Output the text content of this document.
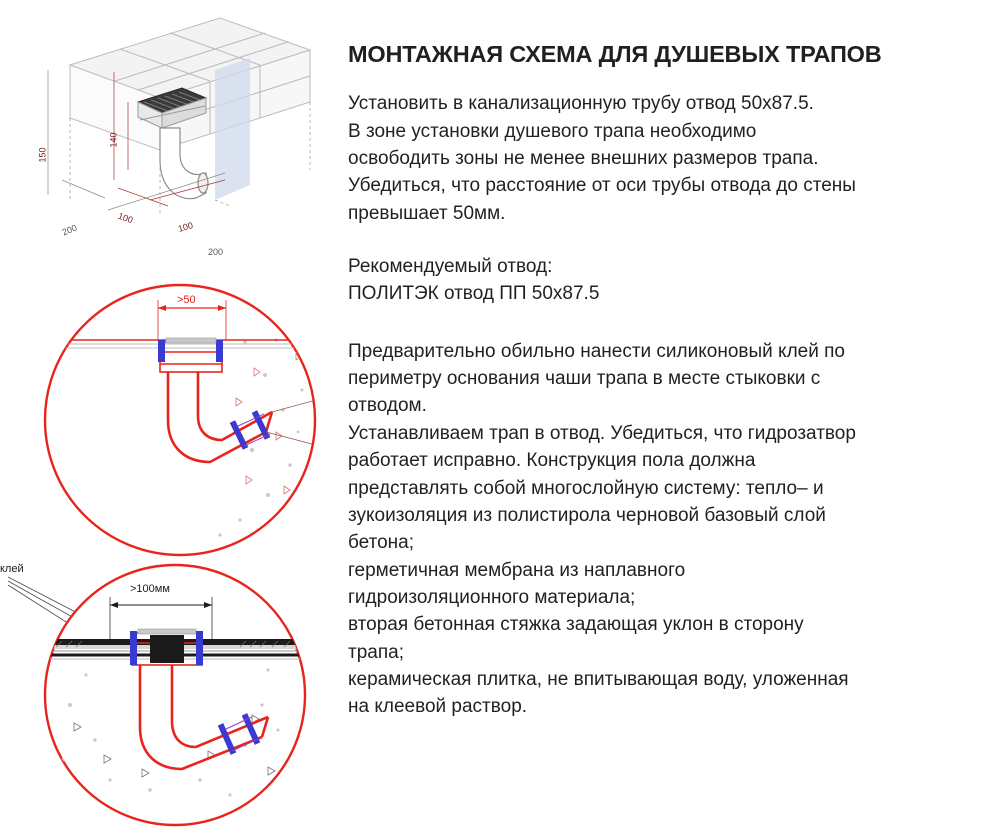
150
140
200
200
100
100
>50
>100мм
клей
МОНТАЖНАЯ СХЕМА ДЛЯ ДУШЕВЫХ ТРАПОВ

Установить в канализационную трубу отвод 50х87.5.

В зоне установки душевого трапа необходимо

освободить зоны не менее внешних размеров трапа.

Убедиться, что расстояние от оси трубы отвода до стены

превышает 50мм.

Рекомендуемый отвод:

ПОЛИТЭК отвод ПП 50х87.5

Предварительно обильно нанести силиконовый клей по

периметру основания чаши трапа в месте стыковки с

отводом.

Устанавливаем трап в отвод. Убедиться, что гидрозатвор

работает исправно. Конструкция пола должна

представлять собой многослойную систему: тепло– и

зукоизоляция из полистирола черновой базовый слой

бетона;

герметичная мембрана из наплавного

гидроизоляционного материала;

вторая бетонная стяжка задающая уклон в сторону

трапа;

керамическая плитка, не впитывающая воду, уложенная

на клеевой раствор.
